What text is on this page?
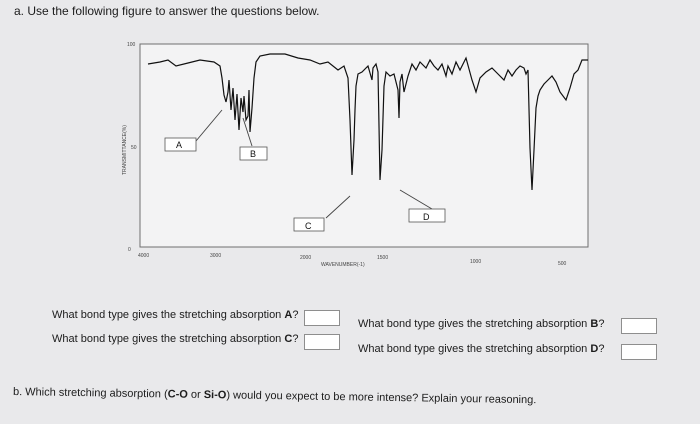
a. Use the following figure to answer the questions below.
100
50
0
TRANSMITTANCE(%)
4000	3000	2000	1500
1000	500
WAVENUMBER(-1)
A
B
C
D
What bond type gives the stretching absorption A?
What bond type gives the stretching absorption C?
What bond type gives the stretching absorption B?
What bond type gives the stretching absorption D?
b. Which stretching absorption (C-O or Si-O) would you expect to be more intense? Explain your reasoning.
